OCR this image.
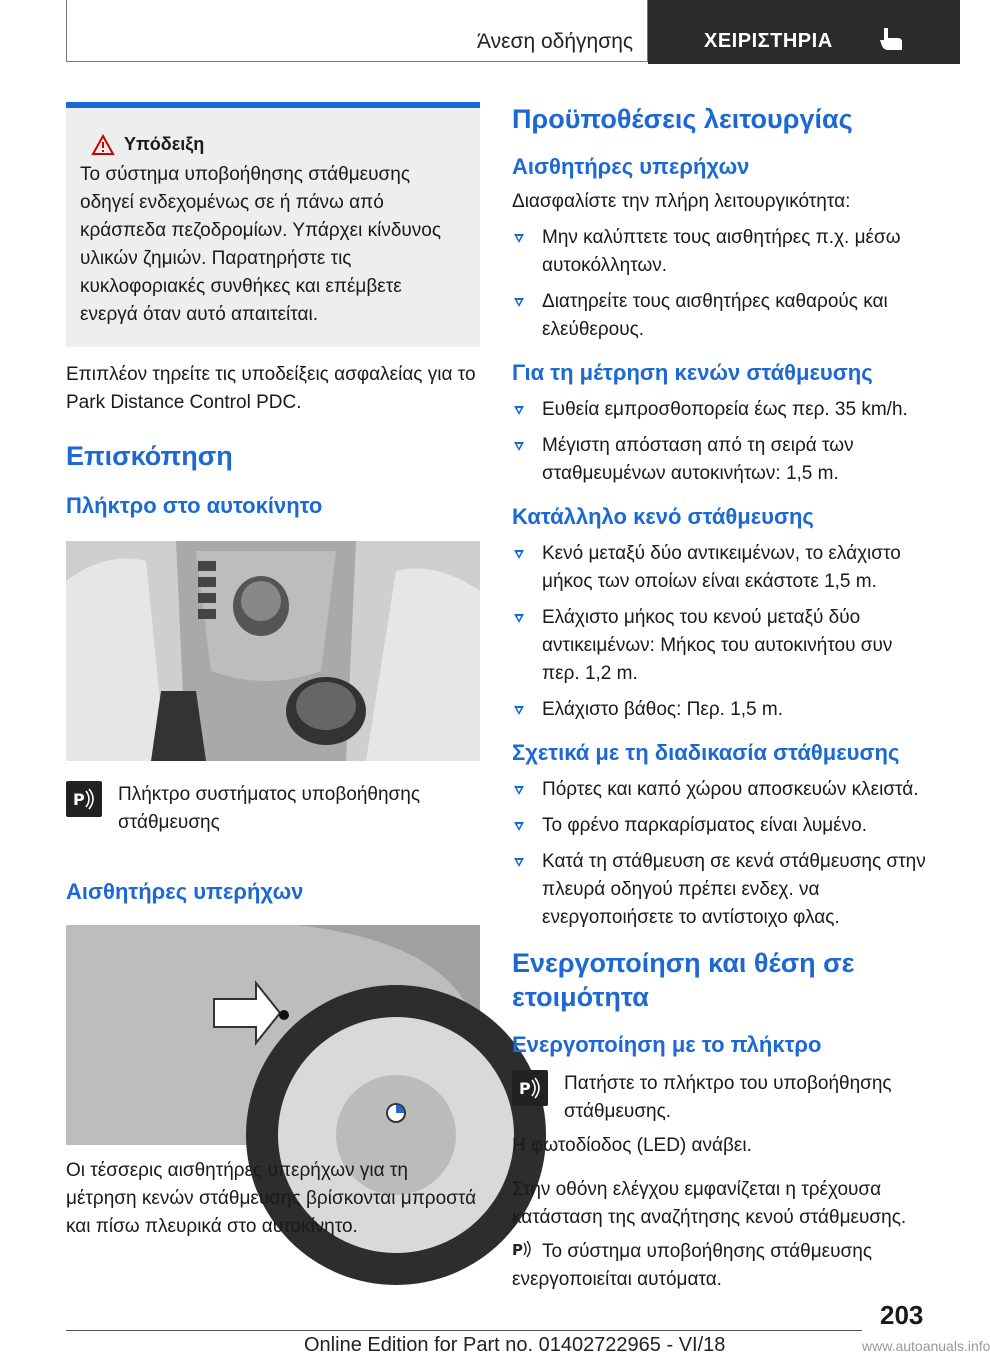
Άνεση οδήγησης	ΧΕΙΡΙΣΤΗΡΙΑ
Υπόδειξη

Το σύστημα υποβοήθησης στάθμευσης οδηγεί ενδεχομένως σε ή πάνω από κράσπεδα πεζοδρομίων. Υπάρχει κίνδυνος υλικών ζημιών. Παρατηρήστε τις κυκλοφοριακές συνθήκες και επέμβετε ενεργά όταν αυτό απαιτείται.

Επιπλέον τηρείτε τις υποδείξεις ασφαλείας για το Park Distance Control PDC.

Επισκόπηση
Πλήκτρο στο αυτοκίνητο
P Πλήκτρο συστήματος υποβοήθησης στάθμευσης

Αισθητήρες υπερήχων

Οι τέσσερις αισθητήρες υπερήχων για τη μέτρηση κενών στάθμευσης βρίσκονται μπροστά και πίσω πλευρικά στο αυτοκίνητο.

Προϋποθέσεις λειτουργίας
Αισθητήρες υπερήχων

Διασφαλίστε την πλήρη λειτουργικότητα:

Μην καλύπτετε τους αισθητήρες π.χ. μέσω αυτοκόλλητων.
Διατηρείτε τους αισθητήρες καθαρούς και ελεύθερους.
Για τη μέτρηση κενών στάθμευσης
Ευθεία εμπροσθοπορεία έως περ. 35 km/h.
Μέγιστη απόσταση από τη σειρά των σταθμευμένων αυτοκινήτων: 1,5 m.
Κατάλληλο κενό στάθμευσης
Κενό μεταξύ δύο αντικειμένων, το ελάχιστο μήκος των οποίων είναι εκάστοτε 1,5 m.
Ελάχιστο μήκος του κενού μεταξύ δύο αντικειμένων: Μήκος του αυτοκινήτου συν περ. 1,2 m.
Ελάχιστο βάθος: Περ. 1,5 m.
Σχετικά με τη διαδικασία στάθμευσης
Πόρτες και καπό χώρου αποσκευών κλειστά.
Το φρένο παρκαρίσματος είναι λυμένο.
Κατά τη στάθμευση σε κενά στάθμευσης στην πλευρά οδηγού πρέπει ενδεχ. να ενεργοποιήσετε το αντίστοιχο φλας.
Ενεργοποίηση και θέση σε ετοιμότητα
Ενεργοποίηση με το πλήκτρο
P Πατήστε το πλήκτρο του υποβοήθησης στάθμευσης.

Η φωτοδίοδος (LED) ανάβει.

Στην οθόνη ελέγχου εμφανίζεται η τρέχουσα κατάσταση της αναζήτησης κενού στάθμευσης.

P Το σύστημα υποβοήθησης στάθμευσης ενεργοποιείται αυτόματα.

203
Online Edition for Part no. 01402722965 - VI/18	www.autoanuals.info
